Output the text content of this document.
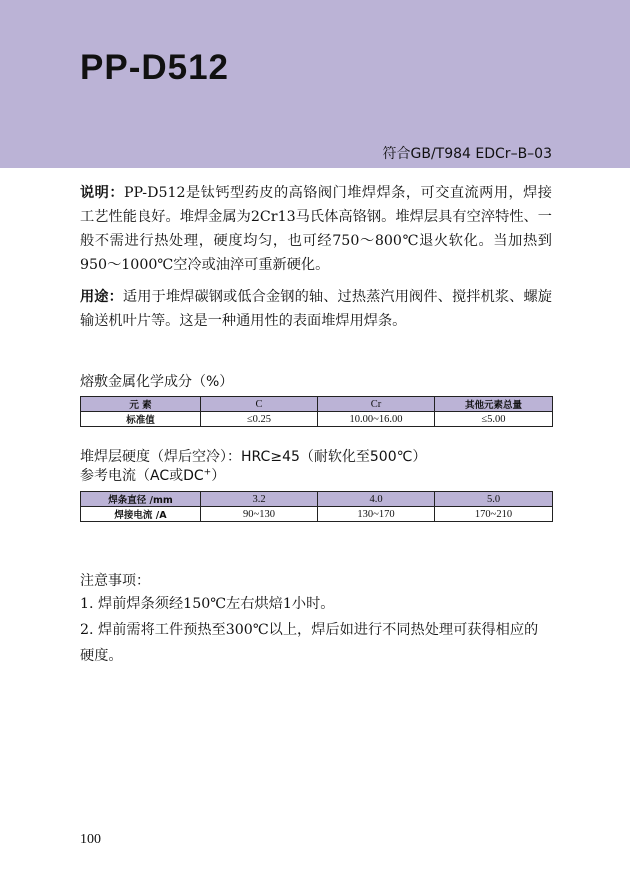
PP-D512
符合GB/T984 EDCr–B–03
说明：PP-D512是钛钙型药皮的高铬阀门堆焊焊条，可交直流两用，焊接工艺性能良好。堆焊金属为2Cr13马氏体高铬钢。堆焊层具有空淬特性、一般不需进行热处理，硬度均匀，也可经750～800℃退火软化。当加热到950～1000℃空冷或油淬可重新硬化。
用途：适用于堆焊碳钢或低合金钢的轴、过热蒸汽用阀件、搅拌机浆、螺旋输送机叶片等。这是一种通用性的表面堆焊用焊条。
熔敷金属化学成分（%）
元 素	C	Cr	其他元素总量
标准值	≤0.25	10.00~16.00	≤5.00
堆焊层硬度（焊后空冷）：HRC≥45（耐软化至500℃）
参考电流（AC或DC+）
焊条直径 /mm	3.2	4.0	5.0
焊接电流 /A	90~130	130~170	170~210
注意事项：
1. 焊前焊条须经150℃左右烘焙1小时。
2. 焊前需将工件预热至300℃以上，焊后如进行不同热处理可获得相应的硬度。
100
